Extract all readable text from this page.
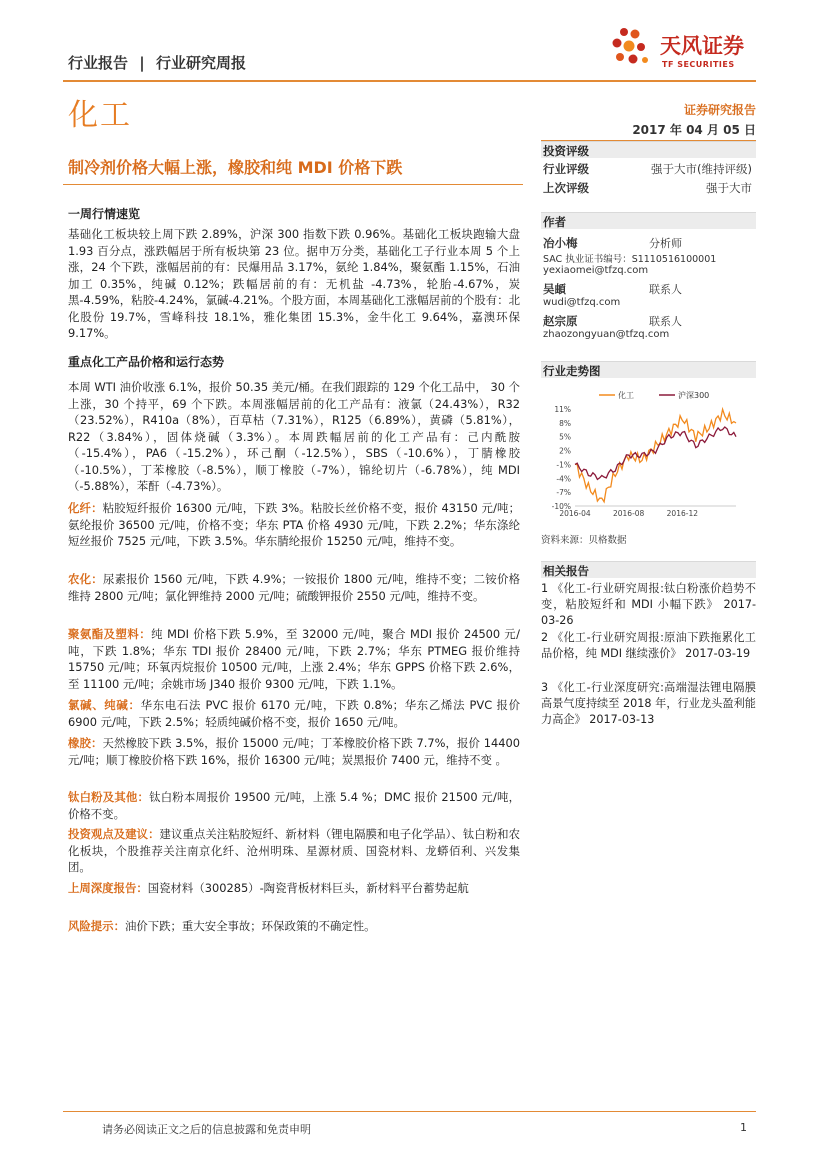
行业报告 | 行业研究周报
天风证券
TF SECURITIES
化工	证券研究报告
2017 年 04 月 05 日
制冷剂价格大幅上涨，橡胶和纯 MDI 价格下跌
一周行情速览

基础化工板块较上周下跌 2.89%，沪深 300 指数下跌 0.96%。基础化工板块跑输大盘 1.93 百分点，涨跌幅居于所有板块第 23 位。据申万分类，基础化工子行业本周 5 个上涨，24 个下跌，涨幅居前的有：民爆用品 3.17%，氨纶 1.84%，聚氨酯 1.15%，石油加工 0.35%，纯碱 0.12%；跌幅居前的有：无机盐 -4.73%，轮胎-4.67%，炭黑-4.59%，粘胶-4.24%，氯碱-4.21%。个股方面，本周基础化工涨幅居前的个股有：北化股份 19.7%，雪峰科技 18.1%，雅化集团 15.3%，金牛化工 9.64%，嘉澳环保 9.17%。

重点化工产品价格和运行态势

本周 WTI 油价收涨 6.1%，报价 50.35 美元/桶。在我们跟踪的 129 个化工品中， 30 个上涨，30 个持平，69 个下跌。本周涨幅居前的化工产品有：液氯（24.43%），R32（23.52%），R410a（8%），百草枯（7.31%），R125（6.89%），黄磷（5.81%），R22（3.84%），固体烧碱（3.3%）。本周跌幅居前的化工产品有：己内酰胺（-15.4%），PA6（-15.2%），环己酮（-12.5%），SBS（-10.6%），丁腈橡胶（-10.5%），丁苯橡胶（-8.5%），顺丁橡胶（-7%），锦纶切片（-6.78%），纯 MDI（-5.88%），苯酐（-4.73%）。

化纤：粘胶短纤报价 16300 元/吨，下跌 3%。粘胶长丝价格不变，报价 43150 元/吨；氨纶报价 36500 元/吨，价格不变；华东 PTA 价格 4930 元/吨，下跌 2.2%；华东涤纶短丝报价 7525 元/吨，下跌 3.5%。华东腈纶报价 15250 元/吨，维持不变。

农化：尿素报价 1560 元/吨，下跌 4.9%；一铵报价 1800 元/吨，维持不变；二铵价格维持 2800 元/吨；氯化钾维持 2000 元/吨；硫酸钾报价 2550 元/吨，维持不变。

聚氨酯及塑料：纯 MDI 价格下跌 5.9%，至 32000 元/吨，聚合 MDI 报价 24500 元/吨，下跌 1.8%；华东 TDI 报价 28400 元/吨，下跌 2.7%；华东 PTMEG 报价维持 15750 元/吨；环氧丙烷报价 10500 元/吨，上涨 2.4%；华东 GPPS 价格下跌 2.6%，至 11100 元/吨；余姚市场 J340 报价 9300 元/吨，下跌 1.1%。

氯碱、纯碱：华东电石法 PVC 报价 6170 元/吨，下跌 0.8%；华东乙烯法 PVC 报价 6900 元/吨，下跌 2.5%；轻质纯碱价格不变，报价 1650 元/吨。

橡胶：天然橡胶下跌 3.5%，报价 15000 元/吨；丁苯橡胶价格下跌 7.7%，报价 14400 元/吨；顺丁橡胶价格下跌 16%，报价 16300 元/吨；炭黑报价 7400 元，维持不变 。

钛白粉及其他：钛白粉本周报价 19500 元/吨，上涨 5.4 %；DMC 报价 21500 元/吨，价格不变。

投资观点及建议：建议重点关注粘胶短纤、新材料（锂电隔膜和电子化学品）、钛白粉和农化板块，个股推荐关注南京化纤、沧州明珠、星源材质、国瓷材料、龙蟒佰利、兴发集团。

上周深度报告：国瓷材料（300285）-陶瓷背板材料巨头，新材料平台蓄势起航

风险提示：油价下跌；重大安全事故；环保政策的不确定性。

投资评级
行业评级	强于大市(维持评级)
上次评级	强于大市
作者
冶小梅	分析师
SAC 执业证书编号：S1110516100001
yexiaomei@tfzq.com
吴頔	联系人
wudi@tfzq.com
赵宗原	联系人
zhaozongyuan@tfzq.com
行业走势图
11%
8%
5%
2%
-1%
-4%
-7%
-10%
2016-04	2016-08	2016-12
化工	沪深300
资料来源：贝格数据
相关报告

1 《化工-行业研究周报:钛白粉涨价趋势不变，粘胶短纤和 MDI 小幅下跌》 2017-03-26

2 《化工-行业研究周报:原油下跌拖累化工品价格，纯 MDI 继续涨价》 2017-03-19

3 《化工-行业深度研究:高端湿法锂电隔膜高景气度持续至 2018 年，行业龙头盈利能力高企》 2017-03-13

请务必阅读正文之后的信息披露和免责申明	1
